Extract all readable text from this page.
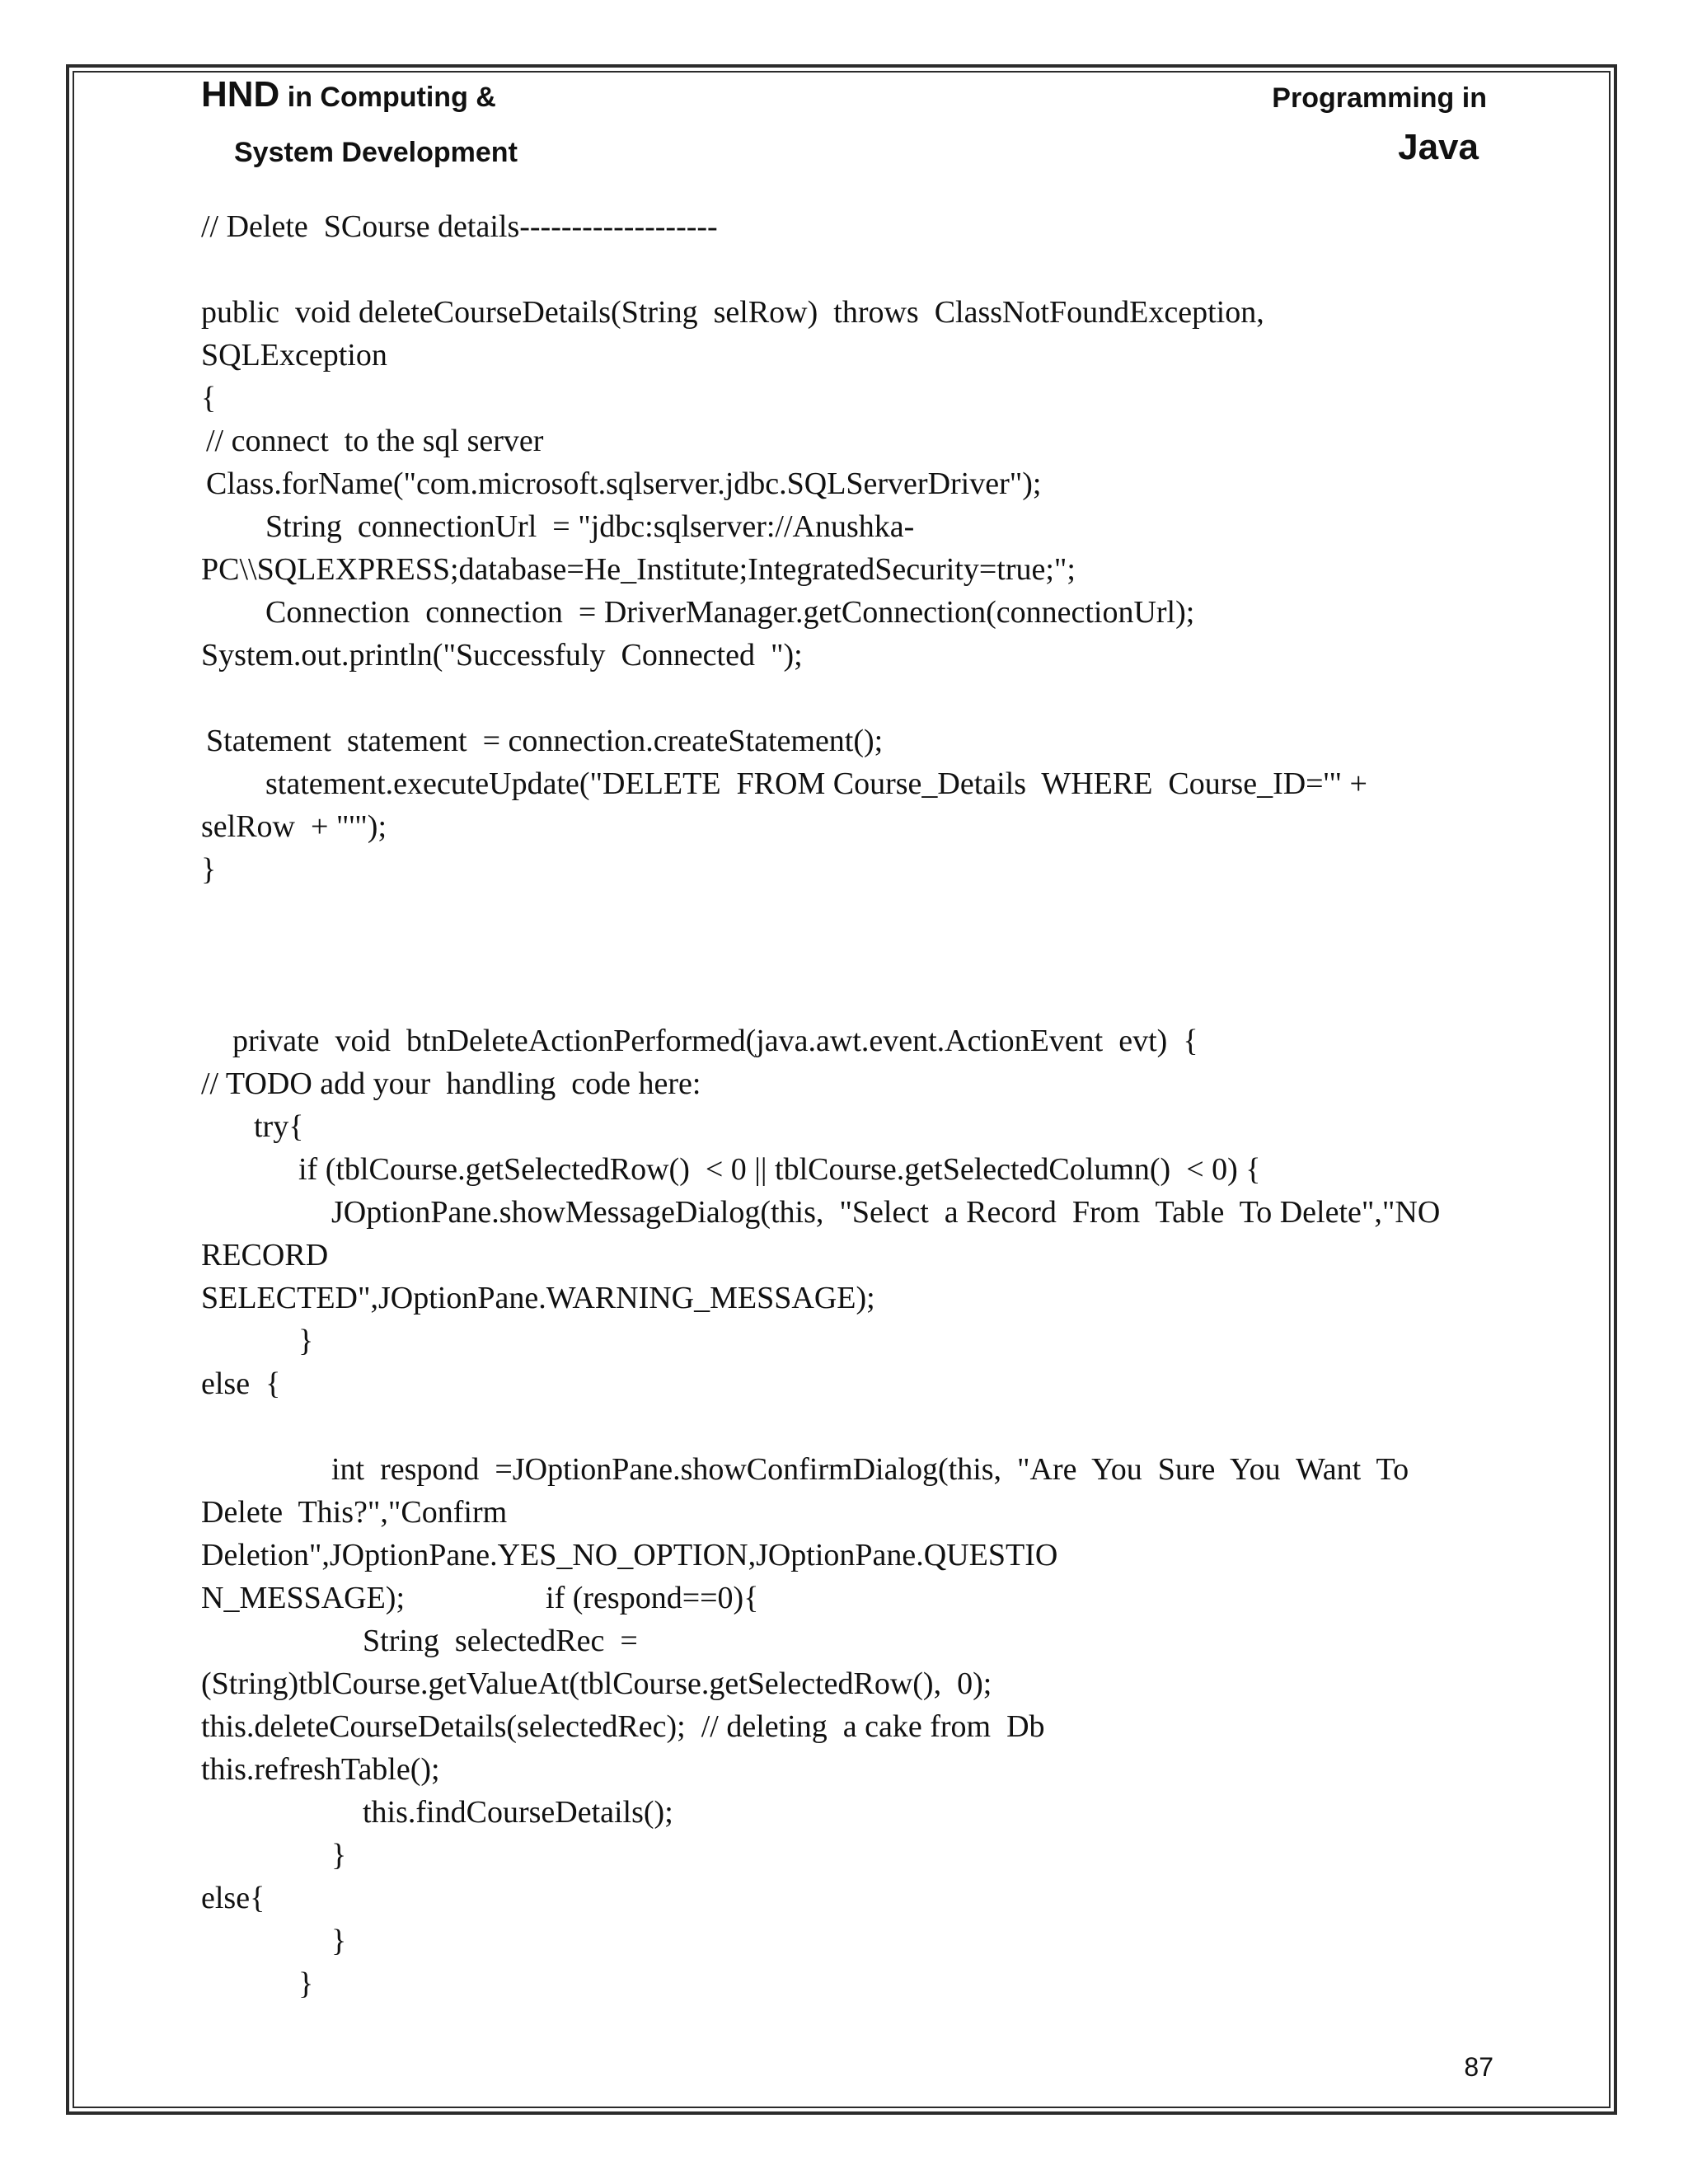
HND in Computing &
System Development
Programming in
Java
// Delete  SCourse details-------------------
public  void deleteCourseDetails(String  selRow)  throws  ClassNotFoundException,
SQLException
{
// connect  to the sql server
Class.forName("com.microsoft.sqlserver.jdbc.SQLServerDriver");
String  connectionUrl  = "jdbc:sqlserver://Anushka-
PC\\SQLEXPRESS;database=He_Institute;IntegratedSecurity=true;";
Connection  connection  = DriverManager.getConnection(connectionUrl);
System.out.println("Successfuly  Connected  ");
Statement  statement  = connection.createStatement();
statement.executeUpdate("DELETE  FROM Course_Details  WHERE  Course_ID='" +
selRow  + "'");
}
private  void  btnDeleteActionPerformed(java.awt.event.ActionEvent  evt)  {
// TODO add your  handling  code here:
try{
if (tblCourse.getSelectedRow()  < 0 || tblCourse.getSelectedColumn()  < 0) {
JOptionPane.showMessageDialog(this,  "Select  a Record  From  Table  To Delete","NO
RECORD
SELECTED",JOptionPane.WARNING_MESSAGE);
}
else  {
int  respond  =JOptionPane.showConfirmDialog(this,  "Are  You  Sure  You  Want  To
Delete  This?","Confirm
Deletion",JOptionPane.YES_NO_OPTION,JOptionPane.QUESTIO
N_MESSAGE);                  if (respond==0){
String  selectedRec  =
(String)tblCourse.getValueAt(tblCourse.getSelectedRow(),  0);
this.deleteCourseDetails(selectedRec);  // deleting  a cake from  Db
this.refreshTable();
this.findCourseDetails();
}
else{
}
}
87
